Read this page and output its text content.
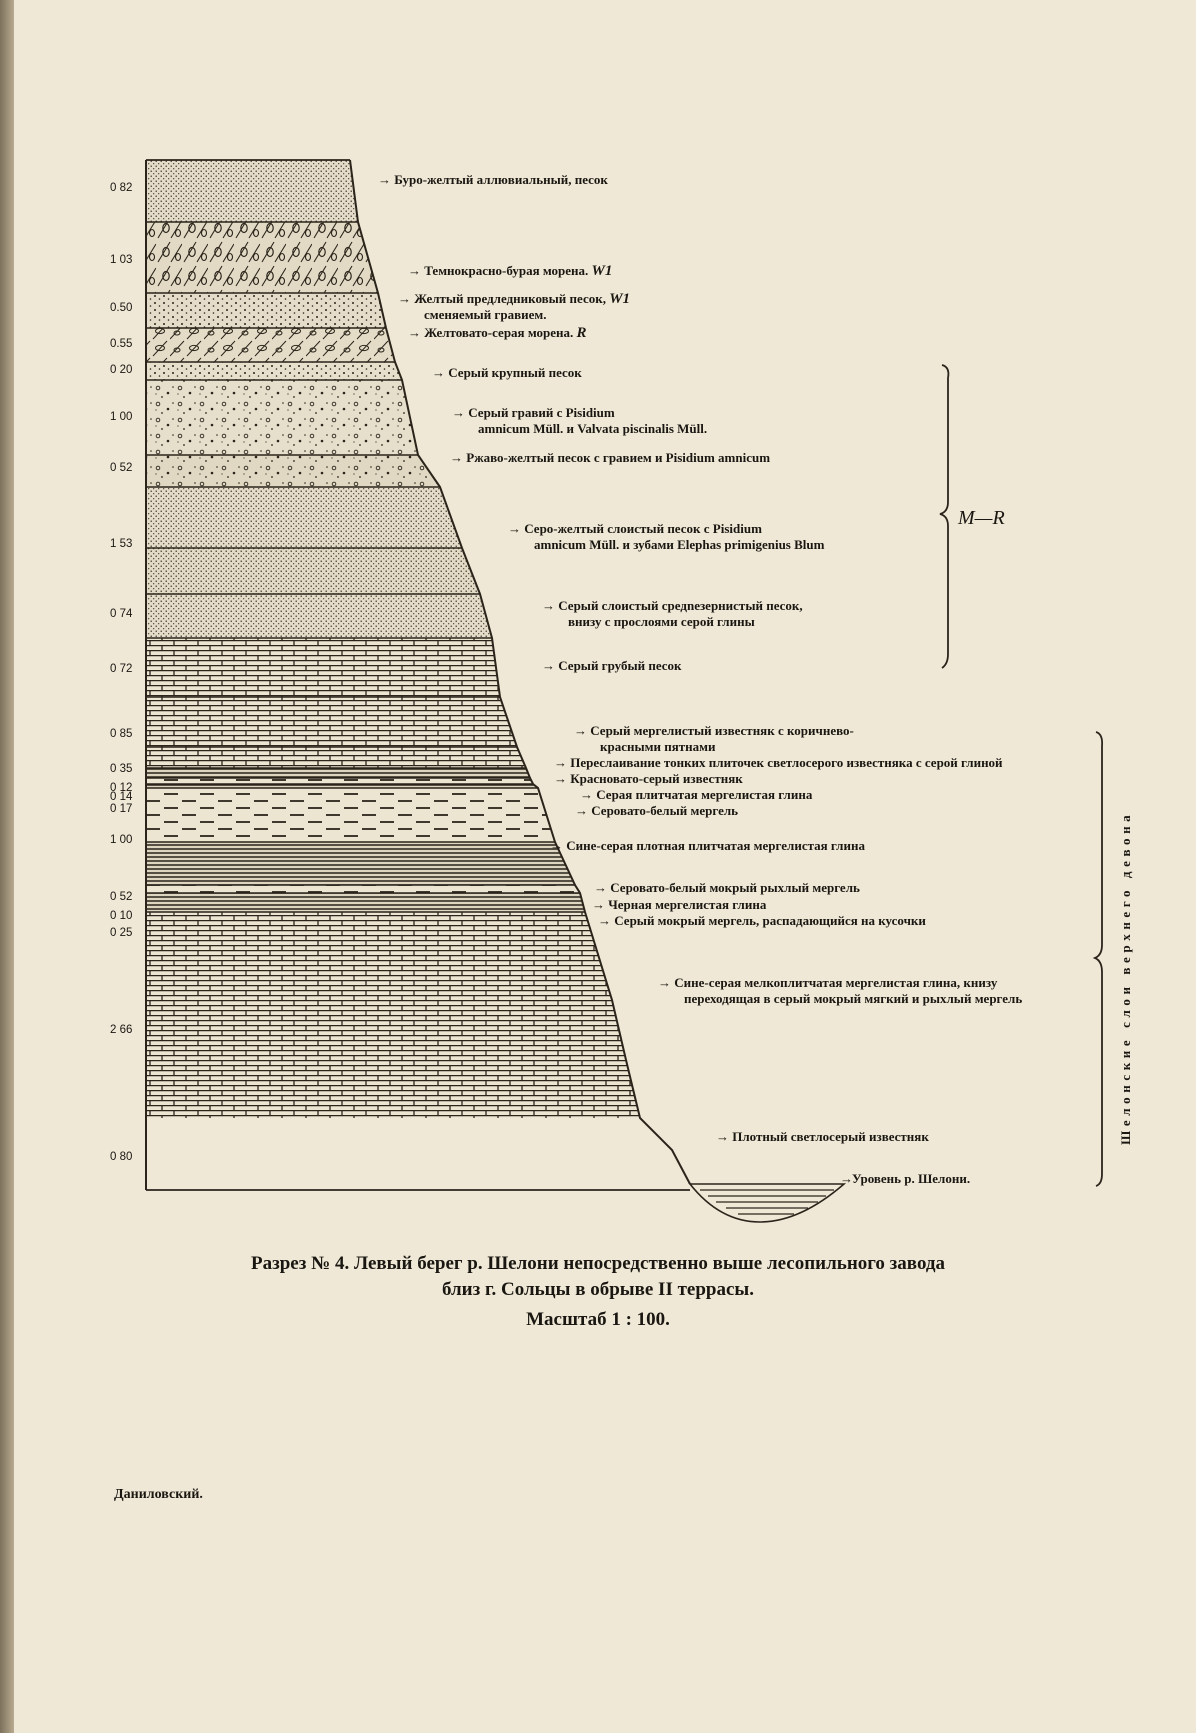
0 82
→ Буро-желтый аллювиальный, песок
1 03
→ Темнокрасно-бурая морена. W1
0.50
→ Желтый предледниковый песок, W1
сменяемый гравием.
0.55
→ Желтовато-серая морена. R
0 20	→ Серый крупный песок
1 00	→ Серый гравий с Pisidium
amnicum Müll. и Valvata piscinalis Müll.
0 52
→ Ржаво-желтый песок с гравием и Pisidium amnicum
1 53
→ Серо-желтый слоистый песок с Pisidium
amnicum Müll. и зубами Elephas primigenius Blum
0 74
→ Серый слоистый средnезернистый песок,
внизу с прослоями серой глины
0 72	→ Серый грубый песок
0 85	→ Серый мергелистый известняк с коричнево-
красными пятнами
0 35	→ Переслаивание тонких плиточек светлосерого известняка с серой глиной
0 12
→ Красновато-серый известняк
0 14	→ Серая плитчатая мергелистая глина
0 17	→ Серовато-белый мергель
1 00	→ Сине-серая плотная плитчатая мергелистая глина
0 52
→ Серовато-белый мокрый рыхлый мергель
0 10
→ Черная мергелистая глина
0 25
→ Серый мокрый мергель, распадающийся на кусочки
2 66
→ Сине-серая мелкоплитчатая мергелистая глина, книзу
переходящая в серый мокрый мягкий и рыхлый мергель
0 80
→ Плотный светлосерый известняк
Уровень р. Шелони.
→
M—R
Шелонские слои верхнего девона
Разрез № 4. Левый берег р. Шелони непосредственно выше лесопильного завода
близ г. Сольцы в обрыве II террасы.
Масштаб 1 : 100.
Даниловский.
